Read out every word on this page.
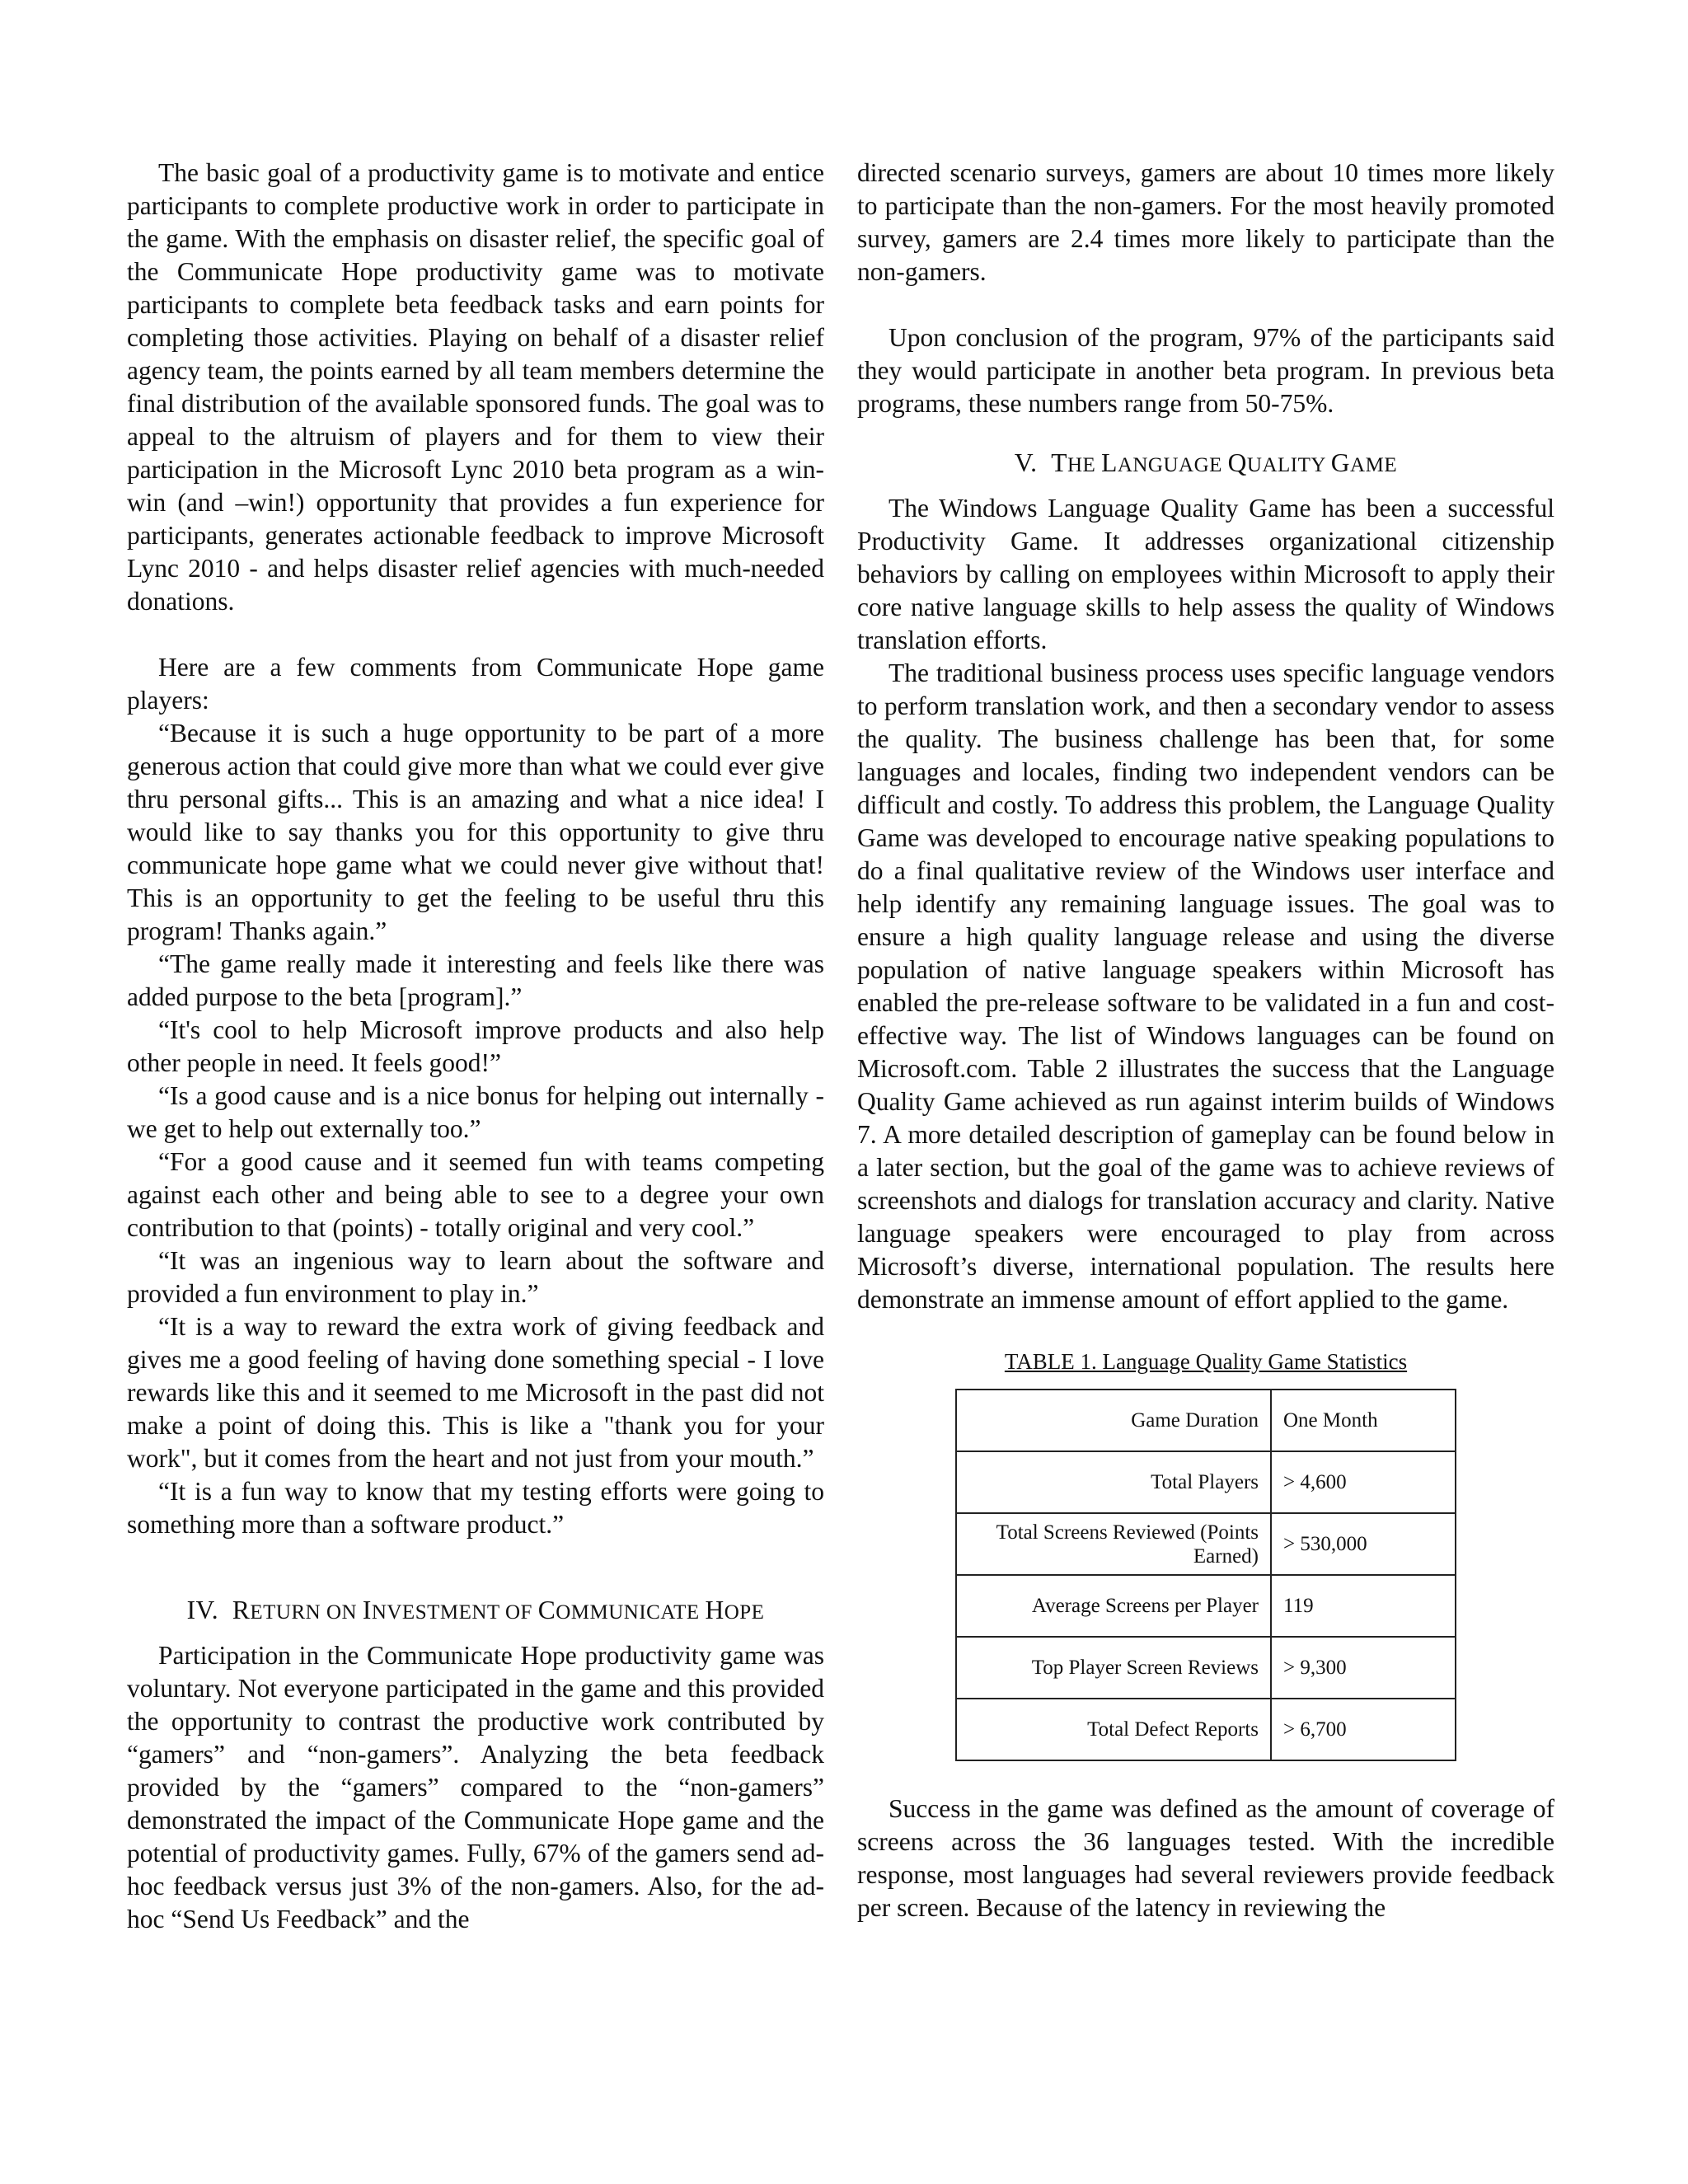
The basic goal of a productivity game is to motivate and entice participants to complete productive work in order to participate in the game. With the emphasis on disaster relief, the specific goal of the Communicate Hope productivity game was to motivate participants to complete beta feedback tasks and earn points for completing those activities. Playing on behalf of a disaster relief agency team, the points earned by all team members determine the final distribution of the available sponsored funds. The goal was to appeal to the altruism of players and for them to view their participation in the Microsoft Lync 2010 beta program as a win-win (and –win!) opportunity that provides a fun experience for participants, generates actionable feedback to improve Microsoft Lync 2010 - and helps disaster relief agencies with much-needed donations.

Here are a few comments from Communicate Hope game players:

“Because it is such a huge opportunity to be part of a more generous action that could give more than what we could ever give thru personal gifts... This is an amazing and what a nice idea! I would like to say thanks you for this opportunity to give thru communicate hope game what we could never give without that! This is an opportunity to get the feeling to be useful thru this program! Thanks again.”

“The game really made it interesting and feels like there was added purpose to the beta [program].”

“It's cool to help Microsoft improve products and also help other people in need. It feels good!”

“Is a good cause and is a nice bonus for helping out internally - we get to help out externally too.”

“For a good cause and it seemed fun with teams competing against each other and being able to see to a degree your own contribution to that (points) - totally original and very cool.”

“It was an ingenious way to learn about the software and provided a fun environment to play in.”

“It is a way to reward the extra work of giving feedback and gives me a good feeling of having done something special - I love rewards like this and it seemed to me Microsoft in the past did not make a point of doing this. This is like a "thank you for your work", but it comes from the heart and not just from your mouth.”

“It is a fun way to know that my testing efforts were going to something more than a software product.”

IV. RETURN ON INVESTMENT OF COMMUNICATE HOPE

Participation in the Communicate Hope productivity game was voluntary. Not everyone participated in the game and this provided the opportunity to contrast the productive work contributed by “gamers” and “non-gamers”. Analyzing the beta feedback provided by the “gamers” compared to the “non-gamers” demonstrated the impact of the Communicate Hope game and the potential of productivity games. Fully, 67% of the gamers send ad-hoc feedback versus just 3% of the non-gamers. Also, for the ad-hoc “Send Us Feedback” and the

directed scenario surveys, gamers are about 10 times more likely to participate than the non-gamers. For the most heavily promoted survey, gamers are 2.4 times more likely to participate than the non-gamers.

Upon conclusion of the program, 97% of the participants said they would participate in another beta program. In previous beta programs, these numbers range from 50-75%.

V. THE LANGUAGE QUALITY GAME

The Windows Language Quality Game has been a successful Productivity Game. It addresses organizational citizenship behaviors by calling on employees within Microsoft to apply their core native language skills to help assess the quality of Windows translation efforts.

The traditional business process uses specific language vendors to perform translation work, and then a secondary vendor to assess the quality. The business challenge has been that, for some languages and locales, finding two independent vendors can be difficult and costly. To address this problem, the Language Quality Game was developed to encourage native speaking populations to do a final qualitative review of the Windows user interface and help identify any remaining language issues. The goal was to ensure a high quality language release and using the diverse population of native language speakers within Microsoft has enabled the pre-release software to be validated in a fun and cost-effective way. The list of Windows languages can be found on Microsoft.com. Table 2 illustrates the success that the Language Quality Game achieved as run against interim builds of Windows 7. A more detailed description of gameplay can be found below in a later section, but the goal of the game was to achieve reviews of screenshots and dialogs for translation accuracy and clarity. Native language speakers were encouraged to play from across Microsoft’s diverse, international population. The results here demonstrate an immense amount of effort applied to the game.

TABLE 1. Language Quality Game Statistics

Game Duration	One Month
Total Players	> 4,600
Total Screens Reviewed (Points Earned)	> 530,000
Average Screens per Player	119
Top Player Screen Reviews	> 9,300
Total Defect Reports	> 6,700

Success in the game was defined as the amount of coverage of screens across the 36 languages tested. With the incredible response, most languages had several reviewers provide feedback per screen. Because of the latency in reviewing the
